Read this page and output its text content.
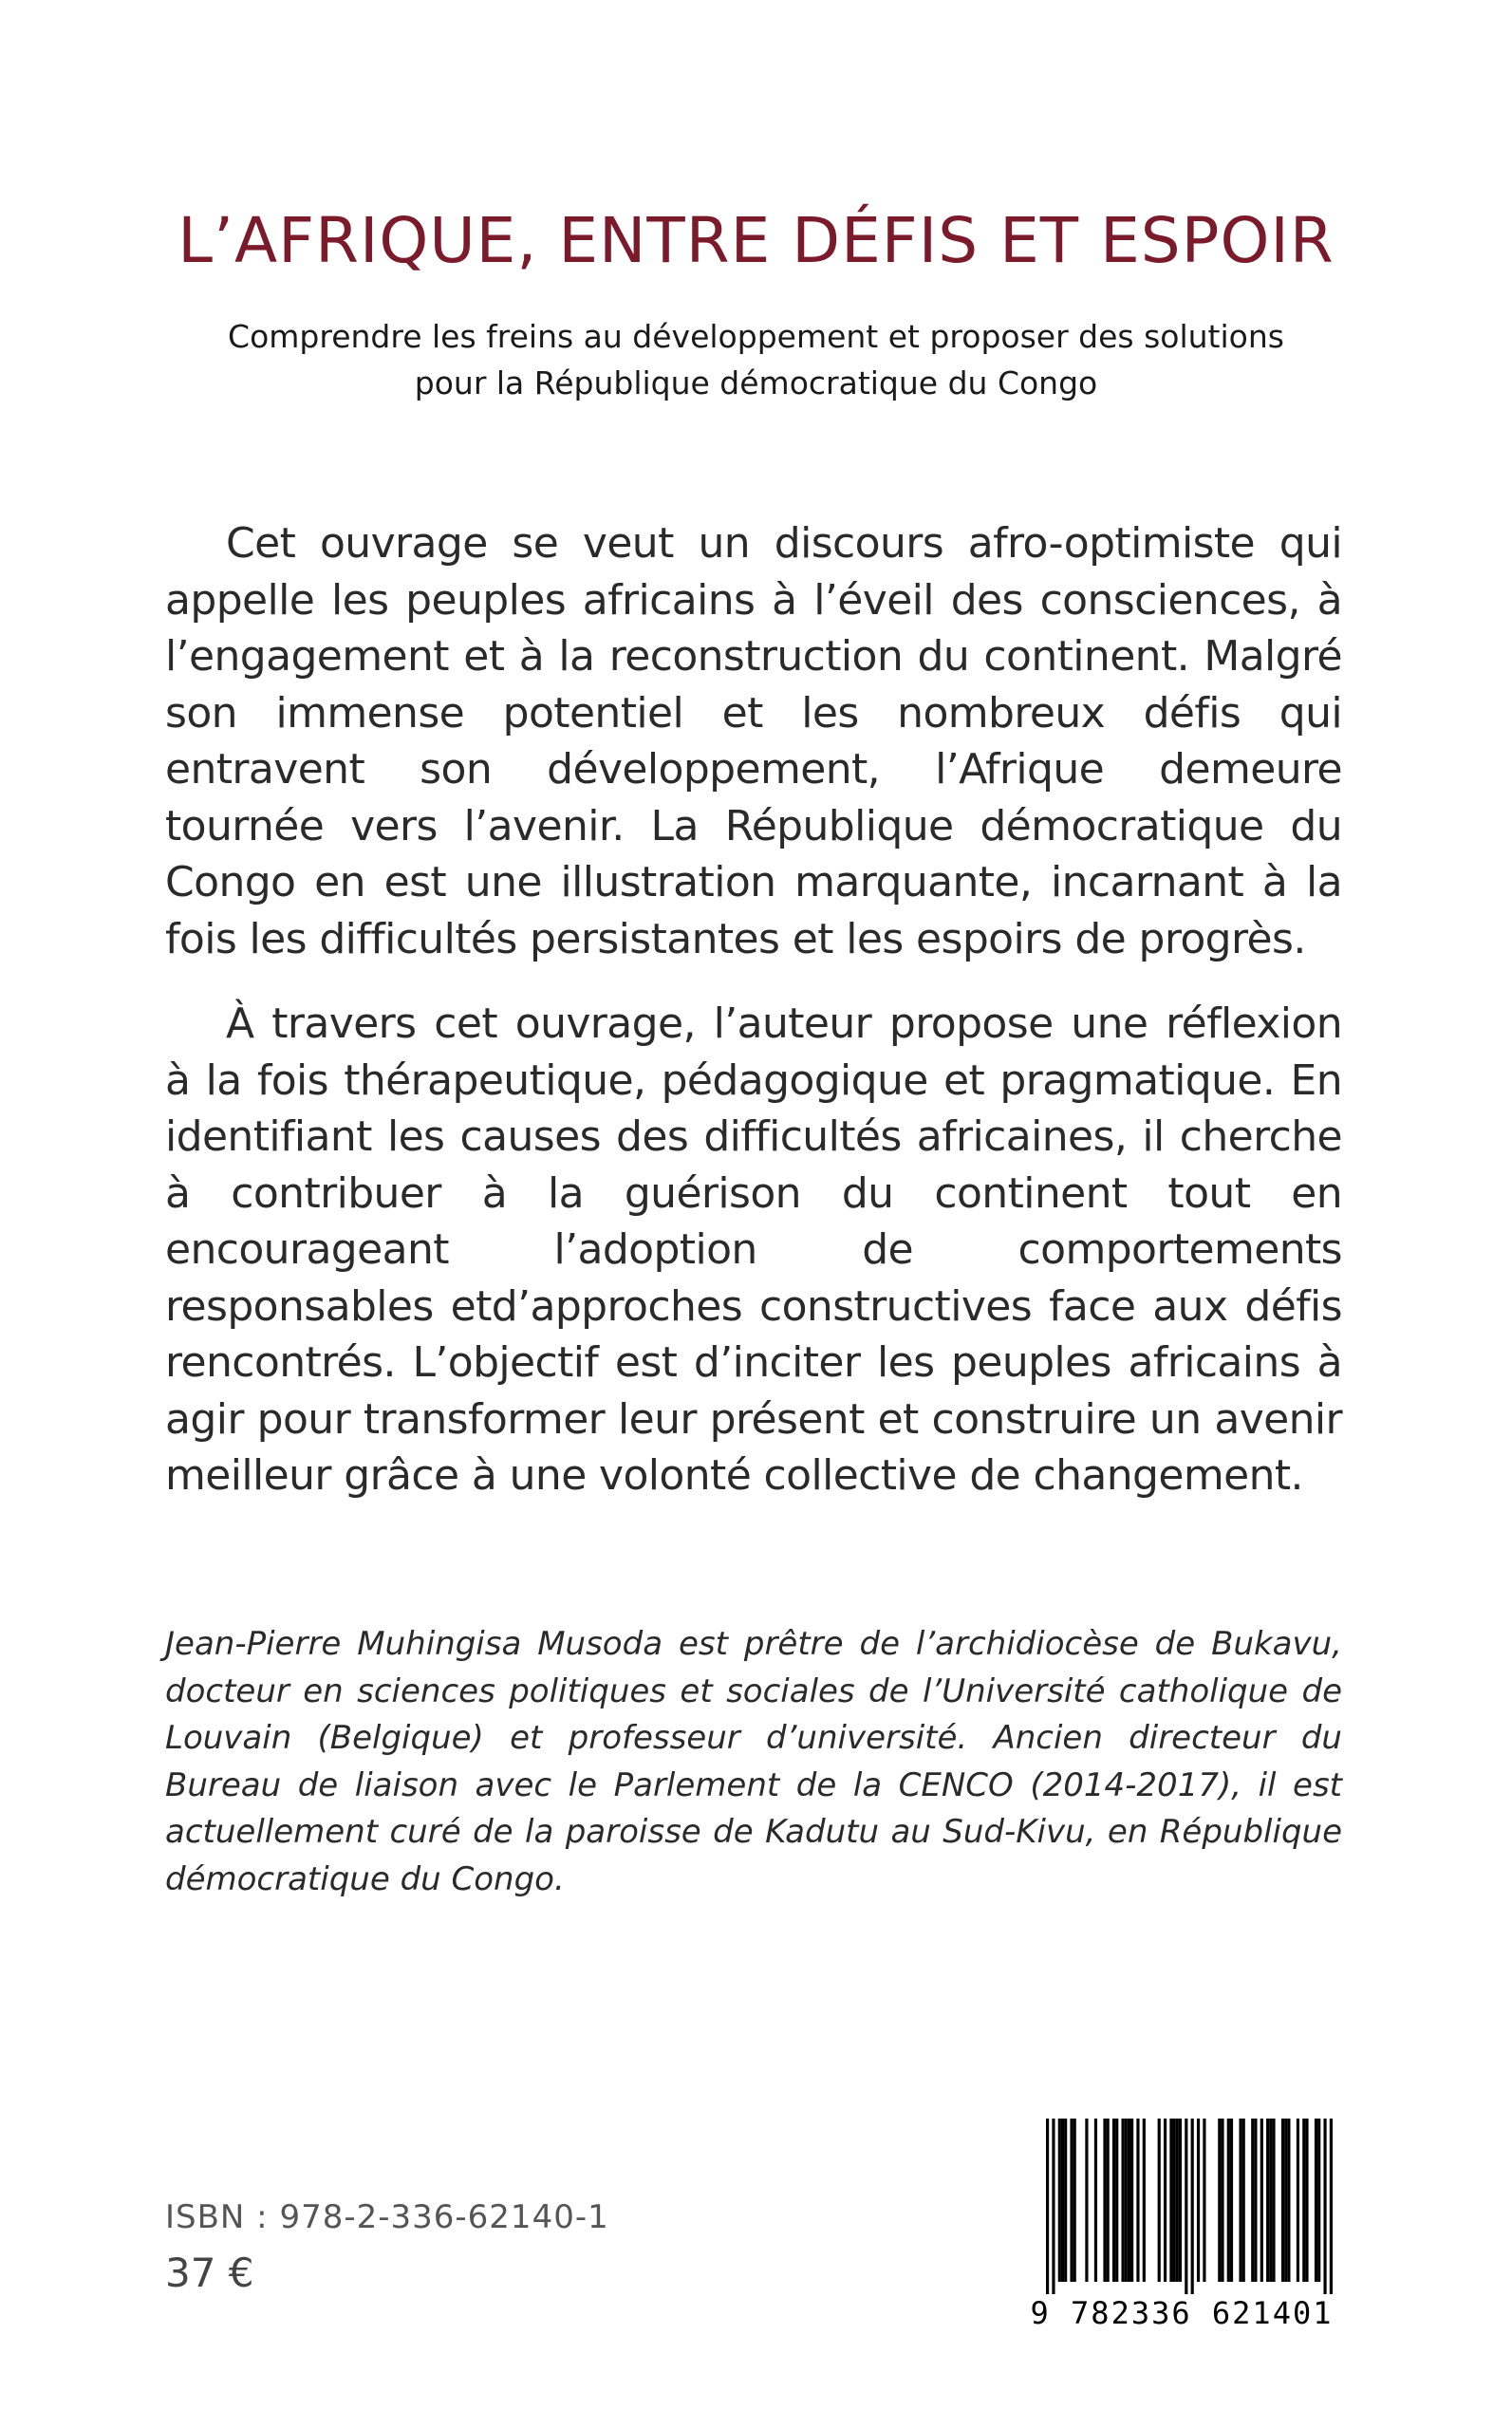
L’AFRIQUE, ENTRE DÉFIS ET ESPOIR
Comprendre les freins au développement et proposer des solutions
pour la République démocratique du Congo

Cet ouvrage se veut un discours afro-optimiste qui appelle les peuples africains à l’éveil des consciences, à l’engagement et à la reconstruction du continent. Malgré son immense potentiel et les nombreux défis qui entravent son développement, l’Afrique demeure tournée vers l’avenir. La République démocratique du Congo en est une illustration marquante, incarnant à la fois les difficultés persistantes et les espoirs de progrès.

À travers cet ouvrage, l’auteur propose une réflexion à la fois thérapeutique, pédagogique et pragmatique. En identifiant les causes des difficultés africaines, il cherche à contribuer à la guérison du continent tout en encourageant l’adoption de comportements responsables etd’approches constructives face aux défis rencontrés. L’objectif est d’inciter les peuples africains à agir pour transformer leur présent et construire un avenir meilleur grâce à une volonté collective de changement.

Jean-Pierre Muhingisa Musoda est prêtre de l’archidiocèse de Bukavu, docteur en sciences politiques et sociales de l’Université catholique de Louvain (Belgique) et professeur d’université. Ancien directeur du Bureau de liaison avec le Parlement de la CENCO (2014-2017), il est actuellement curé de la paroisse de Kadutu au Sud-Kivu, en République démocratique du Congo.

ISBN : 978-2-336-62140-1
37 €
9 782336 621401
